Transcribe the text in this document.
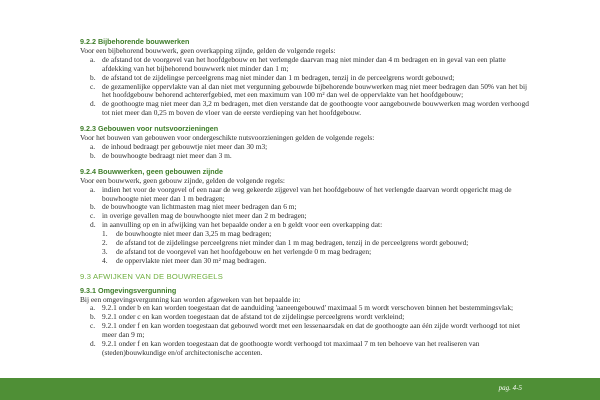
9.2.2 Bijbehorende bouwwerken
Voor een bijbehorend bouwwerk, geen overkapping zijnde, gelden de volgende regels:
a. de afstand tot de voorgevel van het hoofdgebouw en het verlengde daarvan mag niet minder dan 4 m bedragen en in geval van een platte afdekking van het bijbehorend bouwwerk niet minder dan 1 m;
b. de afstand tot de zijdelingse perceelgrens mag niet minder dan 1 m bedragen, tenzij in de perceelgrens wordt gebouwd;
c. de gezamenlijke oppervlakte van al dan niet met vergunning gebouwde bijbehorende bouwwerken mag niet meer bedragen dan 50% van het bij het hoofdgebouw behorend achtererfgebied, met een maximum van 100 m² dan wel de oppervlakte van het hoofdgebouw;
d. de goothoogte mag niet meer dan 3,2 m bedragen, met dien verstande dat de goothoogte voor aangebouwde bouwwerken mag worden verhoogd tot niet meer dan 0,25 m boven de vloer van de eerste verdieping van het hoofdgebouw.
9.2.3 Gebouwen voor nutsvoorzieningen
Voor het bouwen van gebouwen voor ondergeschikte nutsvoorzieningen gelden de volgende regels:
a. de inhoud bedraagt per gebouwtje niet meer dan 30 m3;
b. de bouwhoogte bedraagt niet meer dan 3 m.
9.2.4 Bouwwerken, geen gebouwen zijnde
Voor een bouwwerk, geen gebouw zijnde, gelden de volgende regels:
a. indien het voor de voorgevel of een naar de weg gekeerde zijgevel van het hoofdgebouw of het verlengde daarvan wordt opgericht mag de bouwhoogte niet meer dan 1 m bedragen;
b. de bouwhoogte van lichtmasten mag niet meer bedragen dan 6 m;
c. in overige gevallen mag de bouwhoogte niet meer dan 2 m bedragen;
d. in aanvulling op en in afwijking van het bepaalde onder a en b geldt voor een overkapping dat:
1.	de bouwhoogte niet meer dan 3,25 m mag bedragen;
2.	de afstand tot de zijdelingse perceelgrens niet minder dan 1 m mag bedragen, tenzij in de perceelgrens wordt gebouwd;
3.	de afstand tot de voorgevel van het hoofdgebouw en het verlengde 0 m mag bedragen;
4.	de oppervlakte niet meer dan 30 m² mag bedragen.
9.3 AFWIJKEN VAN DE BOUWREGELS
9.3.1 Omgevingsvergunning
Bij een omgevingsvergunning kan worden afgeweken van het bepaalde in:
a. 9.2.1 onder b en kan worden toegestaan dat de aanduiding 'aaneengebouwd' maximaal 5 m wordt verschoven binnen het bestemmingsvlak;
b. 9.2.1 onder c en kan worden toegestaan dat de afstand tot de zijdelingse perceelgrens wordt verkleind;
c. 9.2.1 onder f en kan worden toegestaan dat gebouwd wordt met een lessenaarsdak en dat de goothoogte aan één zijde wordt verhoogd tot niet meer dan 9 m;
d. 9.2.1 onder f en kan worden toegestaan dat de goothoogte wordt verhoogd tot maximaal 7 m ten behoeve van het realiseren van (steden)bouwkundige en/of architectonische accenten.
pag. 4-5
